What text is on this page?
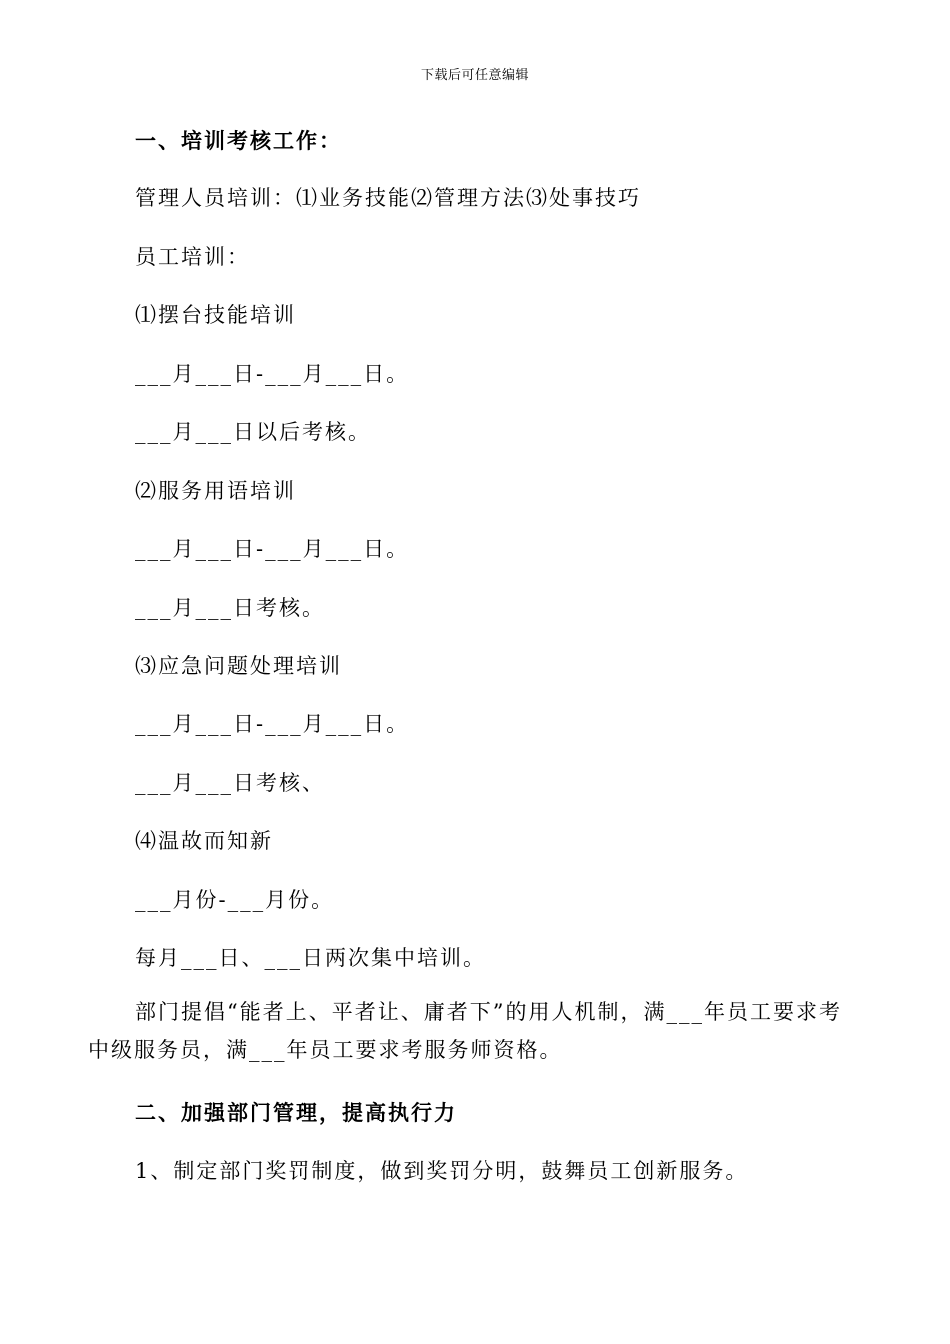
下载后可任意编辑
一、培训考核工作：
管理人员培训：⑴业务技能⑵管理方法⑶处事技巧
员工培训：
⑴摆台技能培训
___月___日-___月___日。
___月___日以后考核。
⑵服务用语培训
___月___日-___月___日。
___月___日考核。
⑶应急问题处理培训
___月___日-___月___日。
___月___日考核、
⑷温故而知新
___月份-___月份。
每月___日、___日两次集中培训。
部门提倡“能者上、平者让、庸者下”的用人机制，满___年员工要求考中级服务员，满___年员工要求考服务师资格。
二、加强部门管理，提高执行力
1、制定部门奖罚制度，做到奖罚分明，鼓舞员工创新服务。
